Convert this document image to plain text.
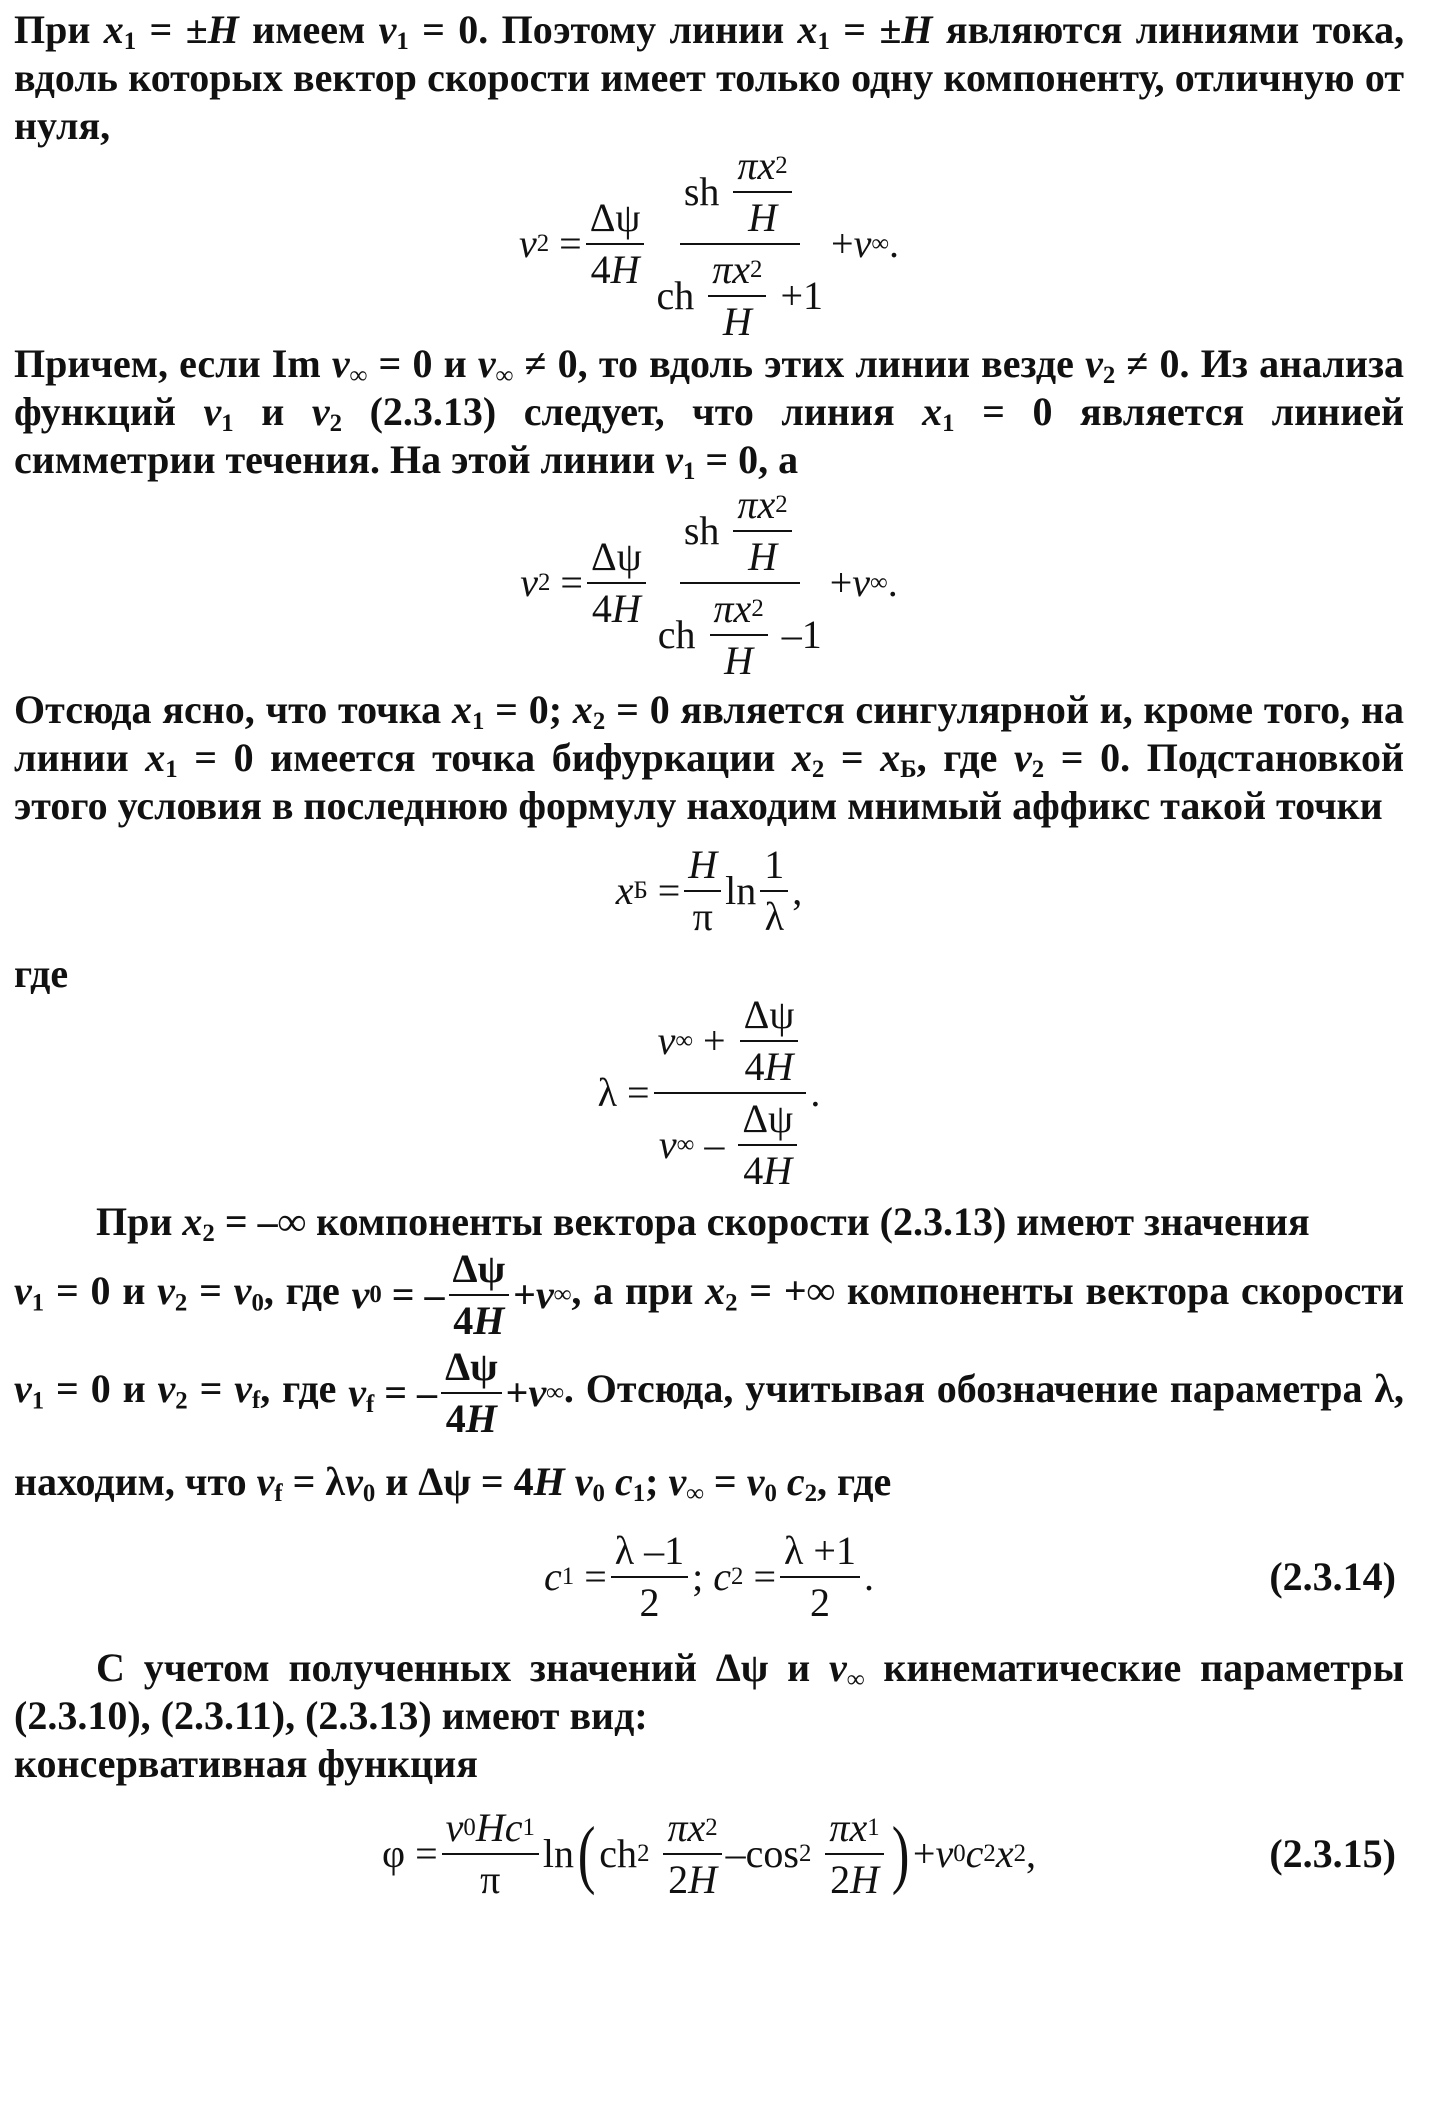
При $x_1 = \pm H$ имеем $v_1 = 0$. Поэтому линии $x_1 = \pm H$ являются линиями тока, вдоль которых вектор скорости имеет только одну компоненту, отличную от нуля,

v $2 = \frac{\Delta\psi}{4 H} \frac{sh \frac{\pi x 2}{H}}{ch \frac{\pi x 2}{H} +1} + v$ ∞ .

Причем, если Im $v_\infty = 0$ и $v_\infty \ne 0$, то вдоль этих линии везде $v_2 \ne 0$. Из анализа функций $v_1$ и $v_2$ (2.3.13) следует, что линия $x_1 = 0$ является линией симметрии течения. На этой линии $v_1 = 0$, а

v $2 = \frac{\Delta\psi}{4 H} \frac{sh \frac{\pi x 2}{H}}{ch \frac{\pi x 2}{H} -1} + v$ ∞ .

Отсюда ясно, что точка $x_1 = 0$; $x_2 = 0$ является сингулярной и, кроме того, на линии $x_1 = 0$ имеется точка бифуркации $x_2 = x_Б$, где $v_2 = 0$. Подстановкой этого условия в последнюю формулу находим мнимый аффикс такой точки

x $Б = \frac{H}{\pi}$ $\ln \frac{1}{\lambda}$ ,

где

$\lambda = \frac{v \infty + \frac{\Delta\psi}{4 H}}{v \infty - \frac{\Delta\psi}{4 H}}$ .

При $x_2$ = –∞ компоненты вектора скорости (2.3.13) имеют значения

$v_1 = 0$ и $v_2 = v_0$, где v 0 = – $\frac{\Delta\psi}{4 H} + v$ ∞ , а при $x_2$ = +∞ компоненты вектора скорости $v_1 = 0$ и $v_2 = v_f$, где $v_f$ = – $\frac{\Delta\psi}{4 H} + v$ ∞ . Отсюда, учитывая обозначение параметра λ, находим, что $v_f = \lambda v_0$ и Δψ = 4H $v_0$ $c_1$; $v_\infty = v_0$ $c_2$, где

c $1 = \frac{\lambda -1}{2}$ ; c $2 = \frac{\lambda +1}{2}$ .	(2.3.14)

С учетом полученных значений Δψ и $v_\infty$ кинематические параметры (2.3.10), (2.3.11), (2.3.13) имеют вид:

консервативная функция

$\varphi = \frac{v 0 Hc 1}{\pi}$ ln ( ch 2
$\frac{\pi x 2}{2 H} -\cos$ 2
$\frac{\pi x 1}{2 H}$ ) + v 0 c 2 x 2 ,	(2.3.15)
